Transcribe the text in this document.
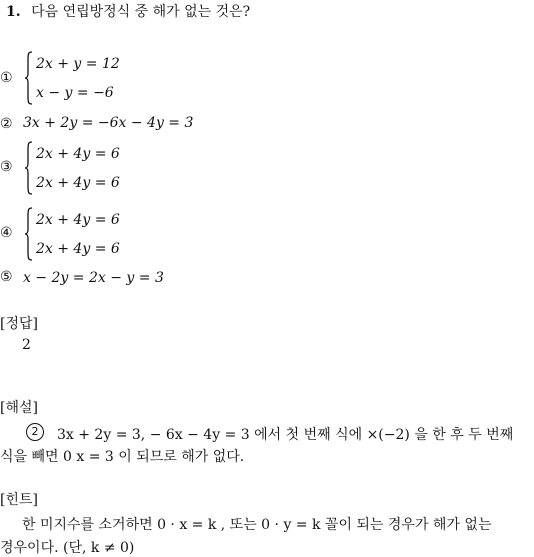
1. 다음 연립방정식 중 해가 없는 것은?
①
2x + y = 12
x − y = −6
② 3x + 2y = −6x − 4y = 3
③
2x + 4y = 6
2x + 4y = 6
④
2x + 4y = 6
2x + 4y = 6
⑤ x − 2y = 2x − y = 3
[정답]
2
[해설]
2	3x + 2y = 3, − 6x − 4y = 3 에서 첫 번째 식에 ×(−2) 을 한 후 두 번째
식을 빼면 0 x = 3 이 되므로 해가 없다.
[힌트]
한 미지수를 소거하면 0 · x = k , 또는 0 · y = k 꼴이 되는 경우가 해가 없는
경우이다. (단, k ≠ 0)
